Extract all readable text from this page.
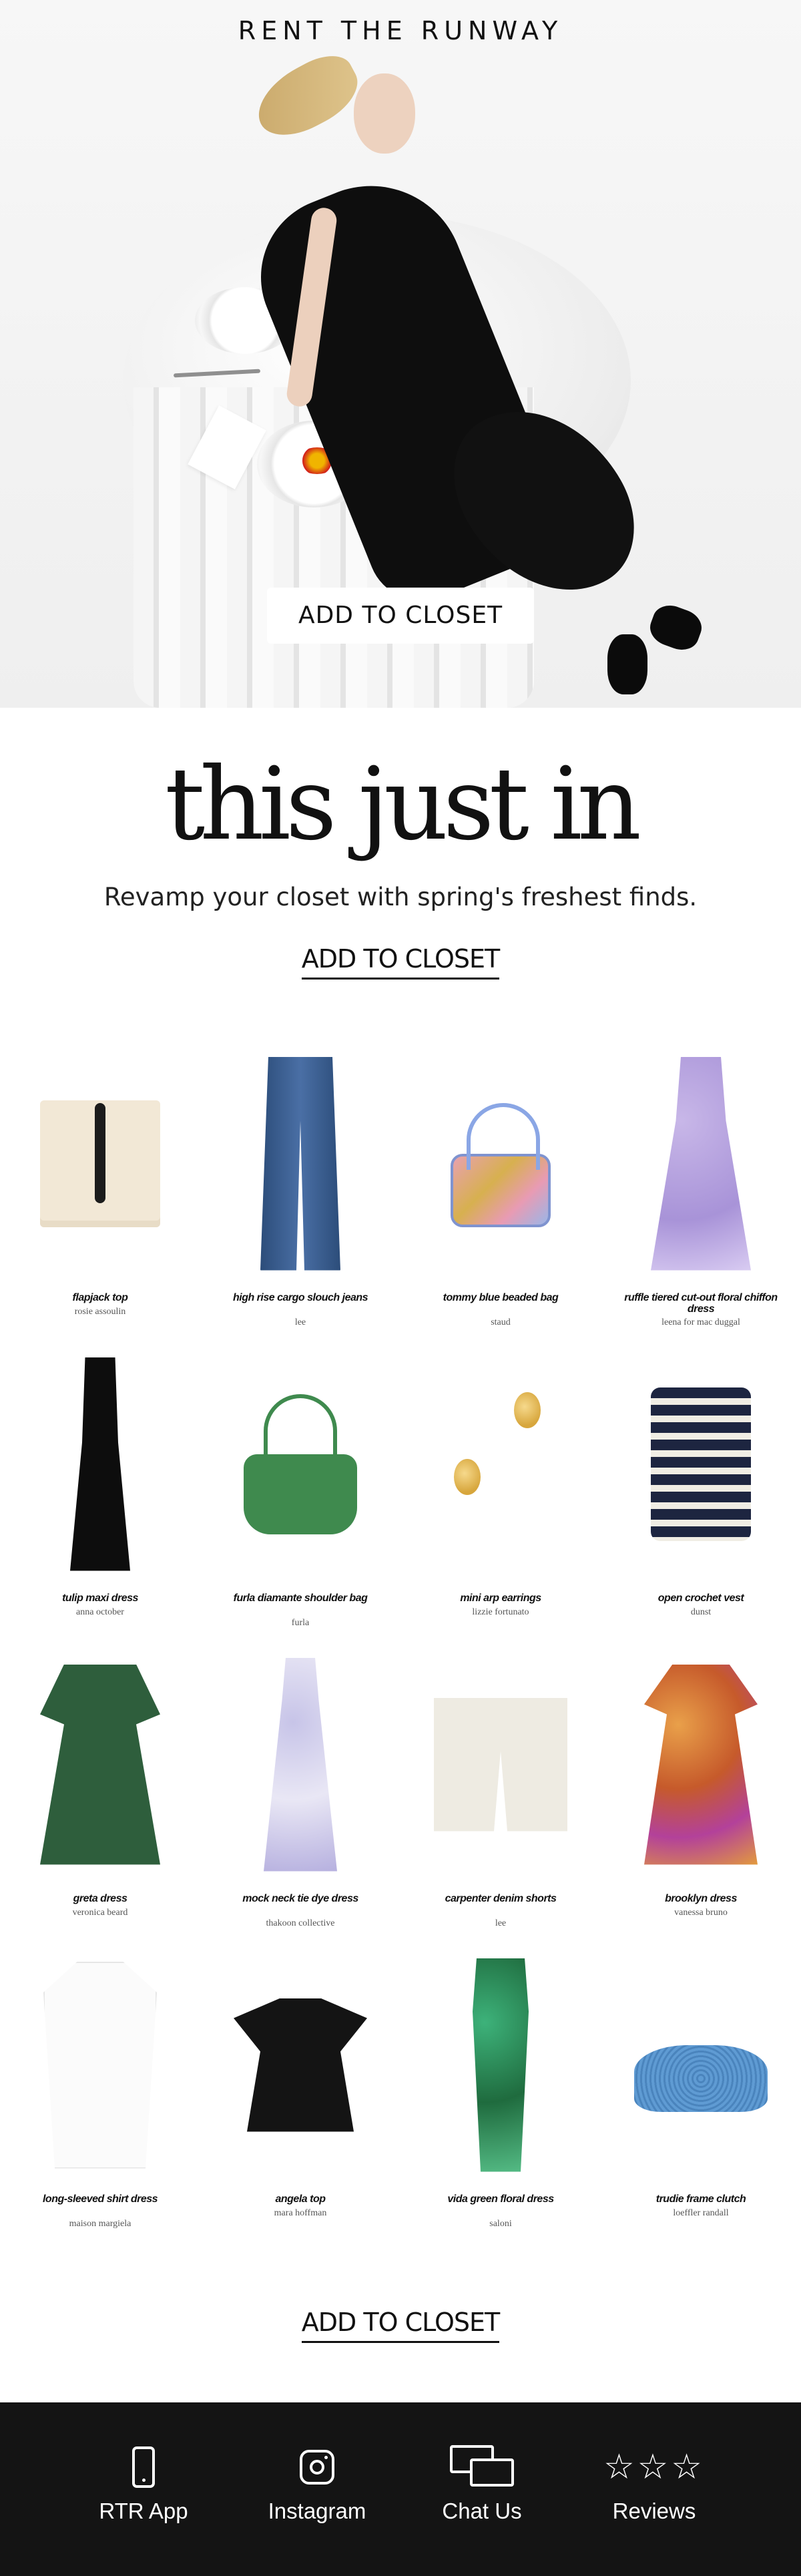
RENT THE RUNWAY
ADD TO CLOSET
this just in
Revamp your closet with spring's freshest finds.
ADD TO CLOSET
flapjack top
rosie assoulin
high rise cargo slouch jeans
lee
tommy blue beaded bag
staud
ruffle tiered cut-out floral chiffon dress
leena for mac duggal
tulip maxi dress
anna october
furla diamante shoulder bag
furla
mini arp earrings
lizzie fortunato
open crochet vest
dunst
greta dress
veronica beard
mock neck tie dye dress
thakoon collective
carpenter denim shorts
lee
brooklyn dress
vanessa bruno
long-sleeved shirt dress
maison margiela
angela top
mara hoffman
vida green floral dress
saloni
trudie frame clutch
loeffler randall
ADD TO CLOSET
RTR App	Instagram	Chat Us
☆☆☆
Reviews
